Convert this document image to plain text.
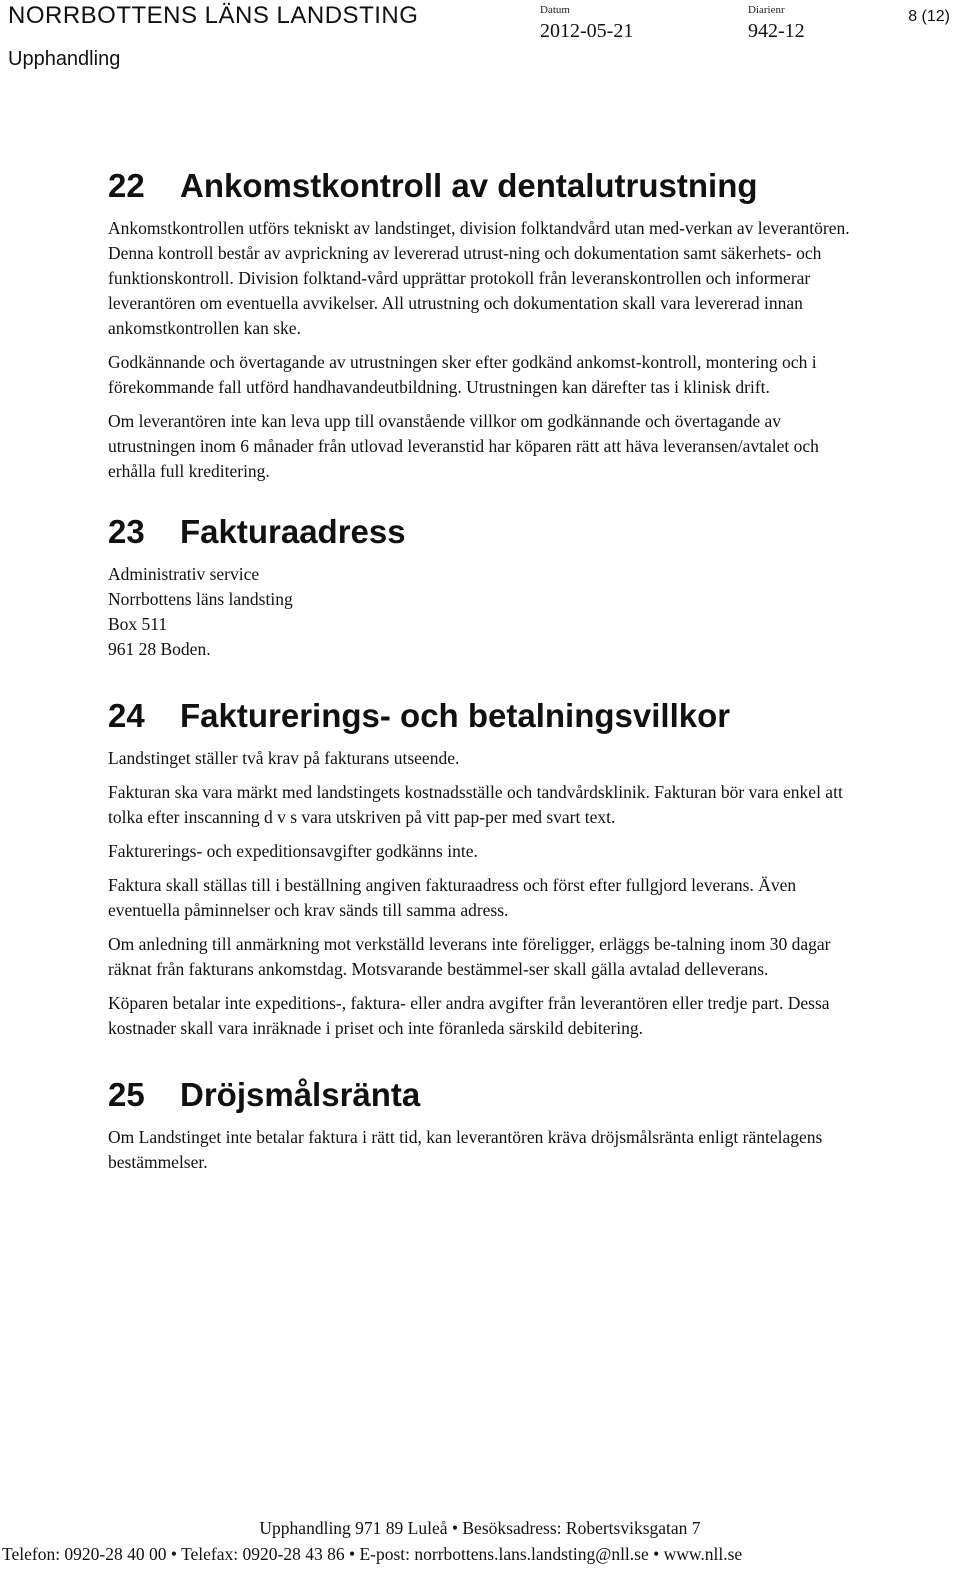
NORRBOTTENS LÄNS LANDSTING
Upphandling
Datum
2012-05-21
Diarienr
942-12
8 (12)
22 Ankomstkontroll av dentalutrustning

Ankomstkontrollen utförs tekniskt av landstinget, division folktandvård utan med-verkan av leverantören. Denna kontroll består av avprickning av levererad utrust-ning och dokumentation samt säkerhets- och funktionskontroll. Division folktand-vård upprättar protokoll från leveranskontrollen och informerar leverantören om eventuella avvikelser. All utrustning och dokumentation skall vara levererad innan ankomstkontrollen kan ske.

Godkännande och övertagande av utrustningen sker efter godkänd ankomst-kontroll, montering och i förekommande fall utförd handhavandeutbildning. Utrustningen kan därefter tas i klinisk drift.

Om leverantören inte kan leva upp till ovanstående villkor om godkännande och övertagande av utrustningen inom 6 månader från utlovad leveranstid har köparen rätt att häva leveransen/avtalet och erhålla full kreditering.

23 Fakturaadress

Administrativ service

Norrbottens läns landsting

Box 511

961 28 Boden.

24 Fakturerings- och betalningsvillkor

Landstinget ställer två krav på fakturans utseende.

Fakturan ska vara märkt med landstingets kostnadsställe och tandvårdsklinik. Fakturan bör vara enkel att tolka efter inscanning d v s vara utskriven på vitt pap-per med svart text.

Fakturerings- och expeditionsavgifter godkänns inte.

Faktura skall ställas till i beställning angiven fakturaadress och först efter fullgjord leverans. Även eventuella påminnelser och krav sänds till samma adress.

Om anledning till anmärkning mot verkställd leverans inte föreligger, erläggs be-talning inom 30 dagar räknat från fakturans ankomstdag. Motsvarande bestämmel-ser skall gälla avtalad delleverans.

Köparen betalar inte expeditions-, faktura- eller andra avgifter från leverantören eller tredje part. Dessa kostnader skall vara inräknade i priset och inte föranleda särskild debitering.

25 Dröjsmålsränta

Om Landstinget inte betalar faktura i rätt tid, kan leverantören kräva dröjsmålsränta enligt räntelagens bestämmelser.

Upphandling 971 89 Luleå • Besöksadress: Robertsviksgatan 7
Telefon: 0920-28 40 00 • Telefax: 0920-28 43 86 • E-post: norrbottens.lans.landsting@nll.se • www.nll.se
